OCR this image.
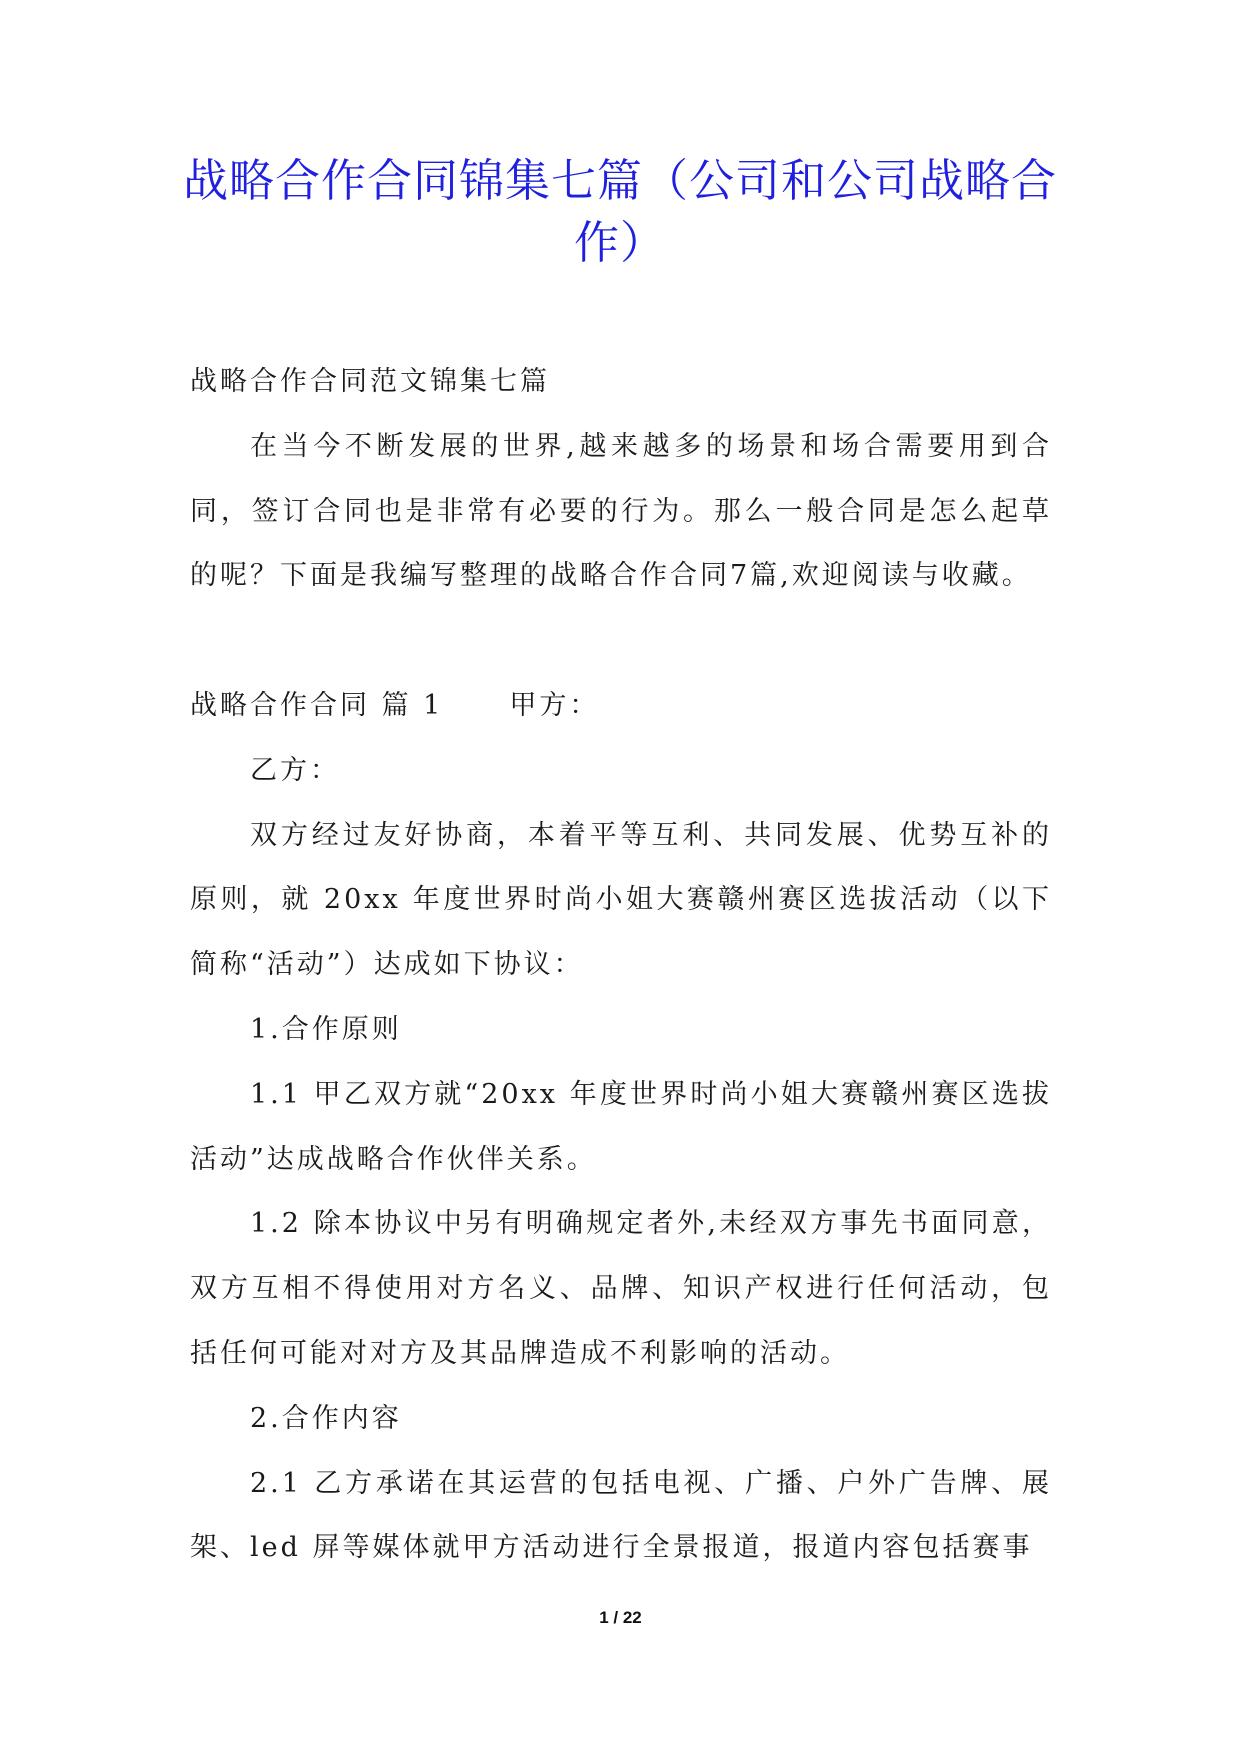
战略合作合同锦集七篇（公司和公司战略合作）

战略合作合同范文锦集七篇

在当今不断发展的世界,越来越多的场景和场合需要用到合同，签订合同也是非常有必要的行为。那么一般合同是怎么起草的呢？下面是我编写整理的战略合作合同7篇,欢迎阅读与收藏。

战略合作合同 篇 1 甲方：

乙方：

双方经过友好协商，本着平等互利、共同发展、优势互补的原则，就 20xx 年度世界时尚小姐大赛赣州赛区选拔活动（以下简称“活动”）达成如下协议：

1.合作原则

1.1 甲乙双方就“20xx 年度世界时尚小姐大赛赣州赛区选拔活动”达成战略合作伙伴关系。

1.2 除本协议中另有明确规定者外,未经双方事先书面同意，双方互相不得使用对方名义、品牌、知识产权进行任何活动，包括任何可能对对方及其品牌造成不利影响的活动。

2.合作内容

2.1 乙方承诺在其运营的包括电视、广播、户外广告牌、展架、led 屏等媒体就甲方活动进行全景报道，报道内容包括赛事

1 / 22
